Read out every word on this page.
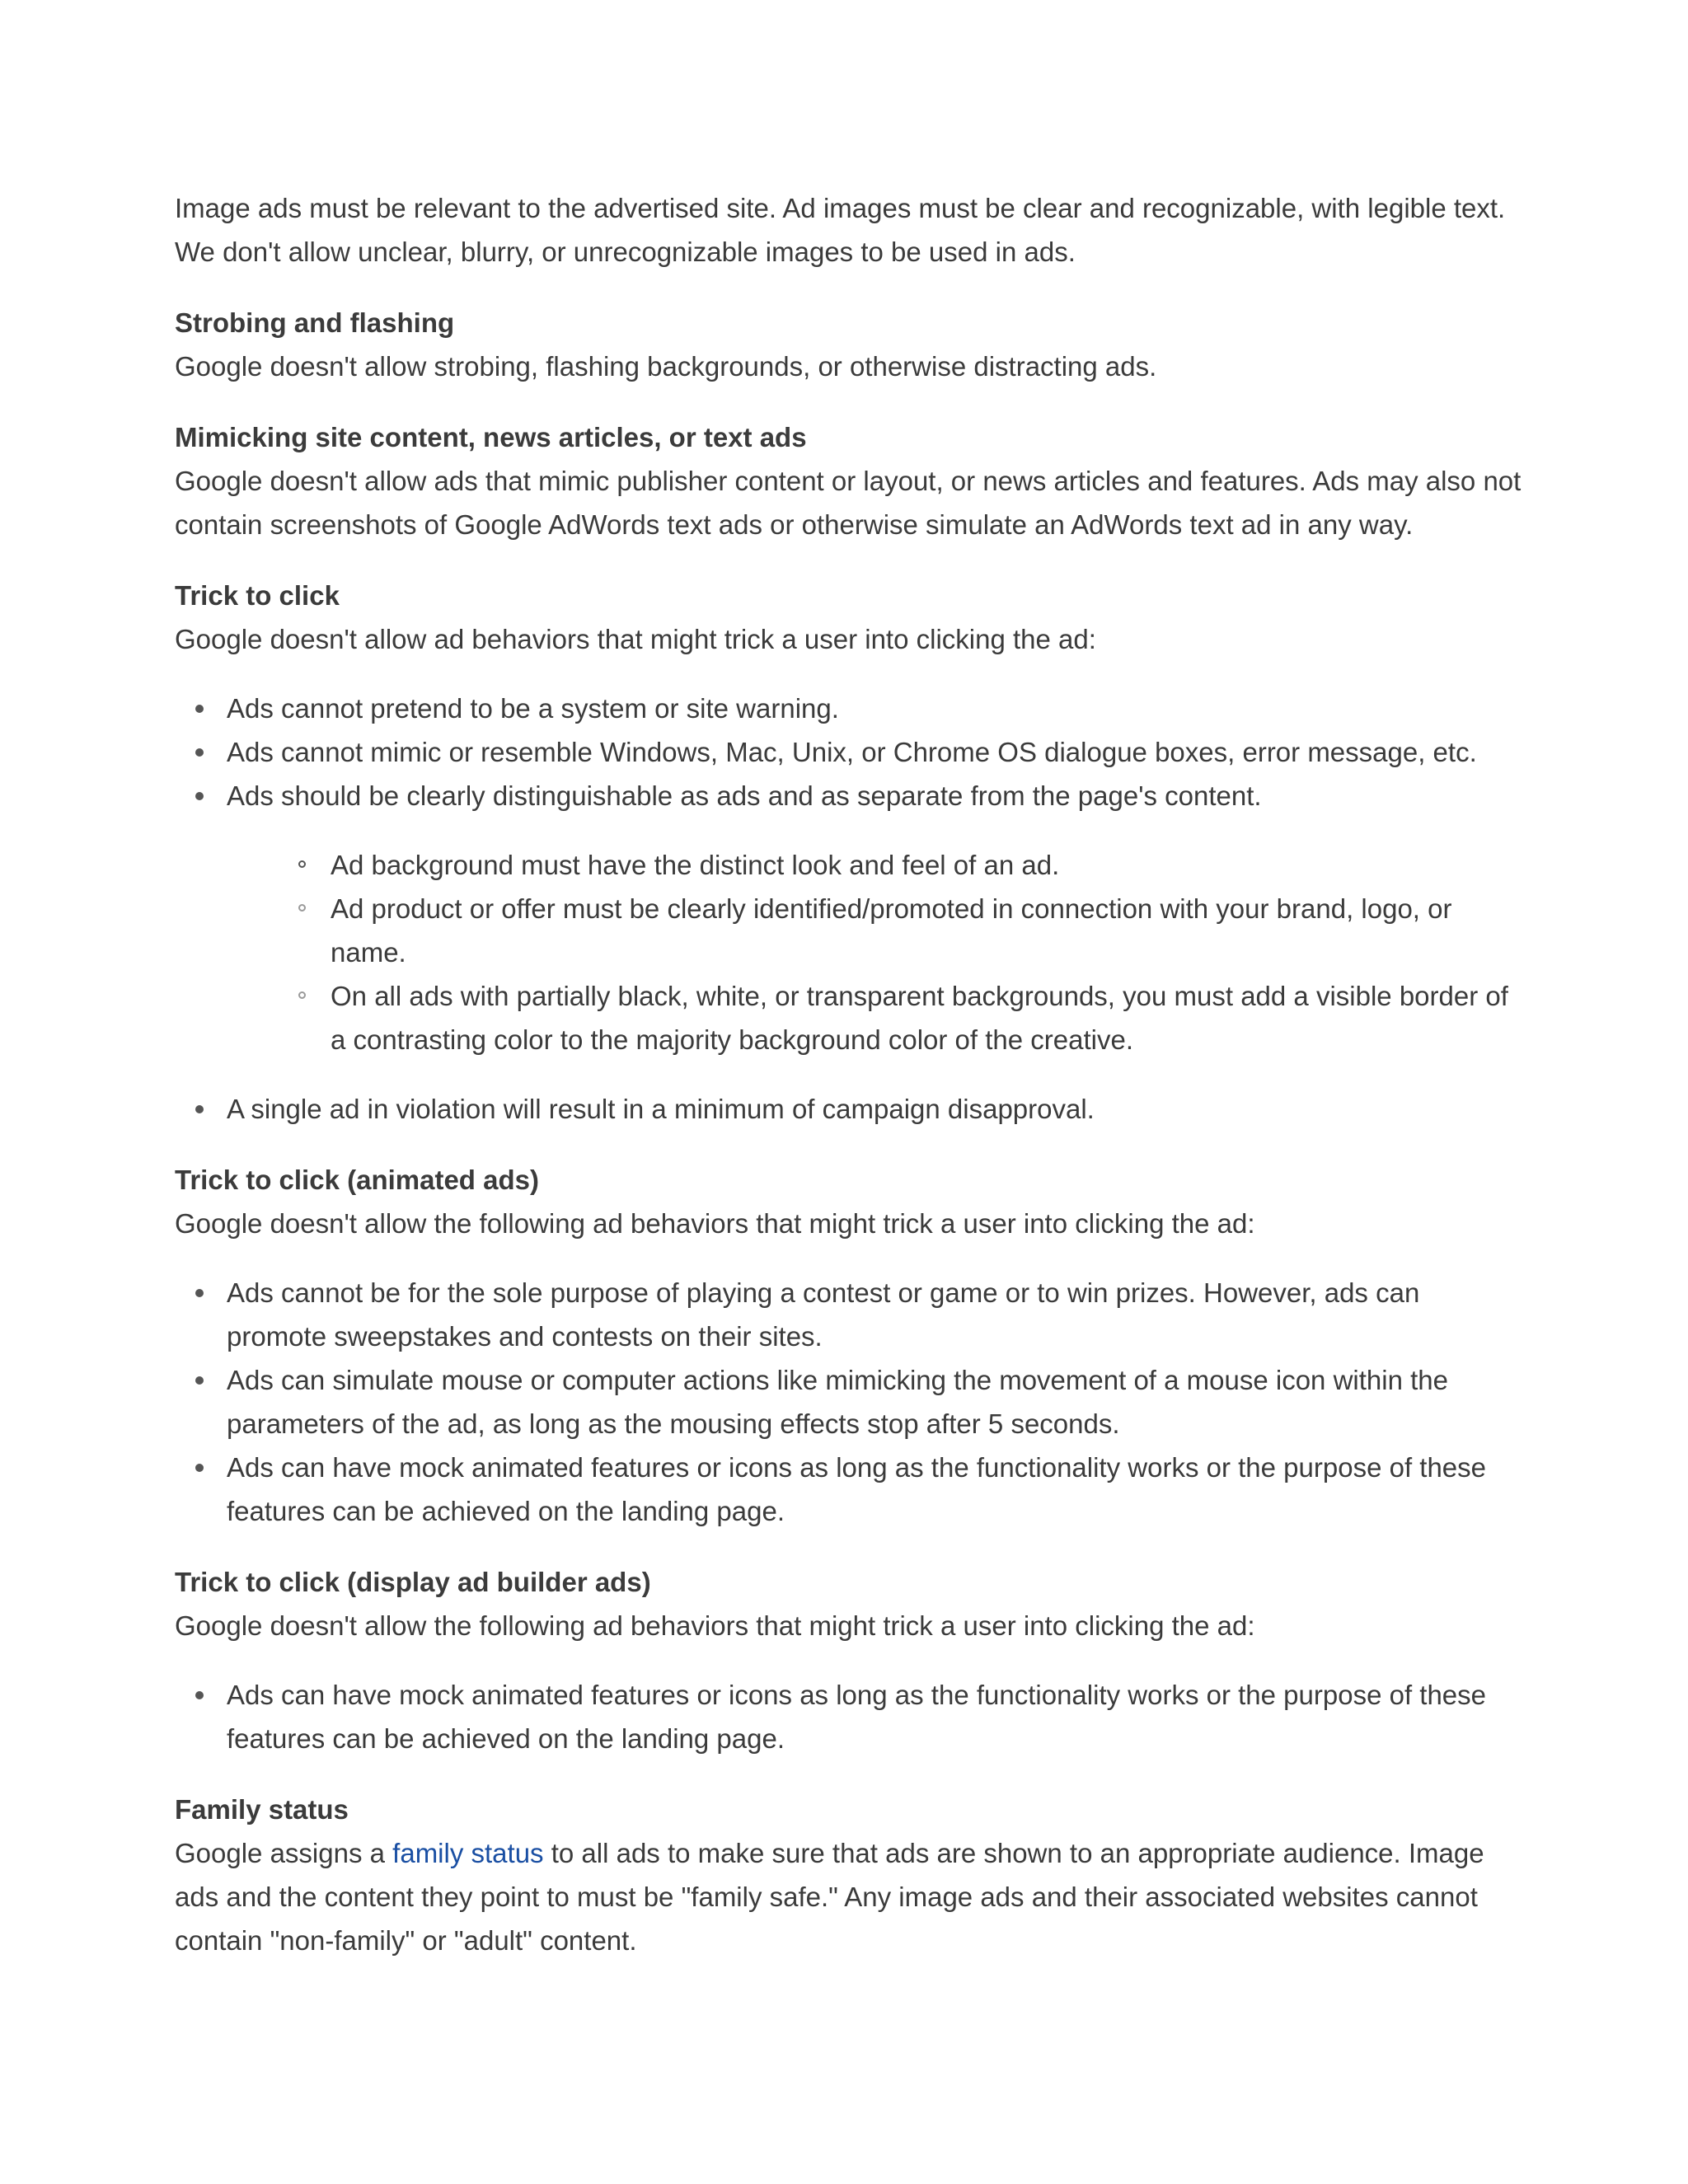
Image ads must be relevant to the advertised site. Ad images must be clear and recognizable, with legible text. We don't allow unclear, blurry, or unrecognizable images to be used in ads.

Strobing and flashing

Google doesn't allow strobing, flashing backgrounds, or otherwise distracting ads.

Mimicking site content, news articles, or text ads

Google doesn't allow ads that mimic publisher content or layout, or news articles and features. Ads may also not contain screenshots of Google AdWords text ads or otherwise simulate an AdWords text ad in any way.

Trick to click

Google doesn't allow ad behaviors that might trick a user into clicking the ad:

Ads cannot pretend to be a system or site warning.
Ads cannot mimic or resemble Windows, Mac, Unix, or Chrome OS dialogue boxes, error message, etc.
Ads should be clearly distinguishable as ads and as separate from the page's content.
Ad background must have the distinct look and feel of an ad.
Ad product or offer must be clearly identified/promoted in connection with your brand, logo, or name.
On all ads with partially black, white, or transparent backgrounds, you must add a visible border of a contrasting color to the majority background color of the creative.
A single ad in violation will result in a minimum of campaign disapproval.
Trick to click (animated ads)

Google doesn't allow the following ad behaviors that might trick a user into clicking the ad:

Ads cannot be for the sole purpose of playing a contest or game or to win prizes. However, ads can promote sweepstakes and contests on their sites.
Ads can simulate mouse or computer actions like mimicking the movement of a mouse icon within the parameters of the ad, as long as the mousing effects stop after 5 seconds.
Ads can have mock animated features or icons as long as the functionality works or the purpose of these features can be achieved on the landing page.
Trick to click (display ad builder ads)

Google doesn't allow the following ad behaviors that might trick a user into clicking the ad:

Ads can have mock animated features or icons as long as the functionality works or the purpose of these features can be achieved on the landing page.
Family status

Google assigns a family status to all ads to make sure that ads are shown to an appropriate audience. Image ads and the content they point to must be "family safe." Any image ads and their associated websites cannot contain "non-family" or "adult" content.
